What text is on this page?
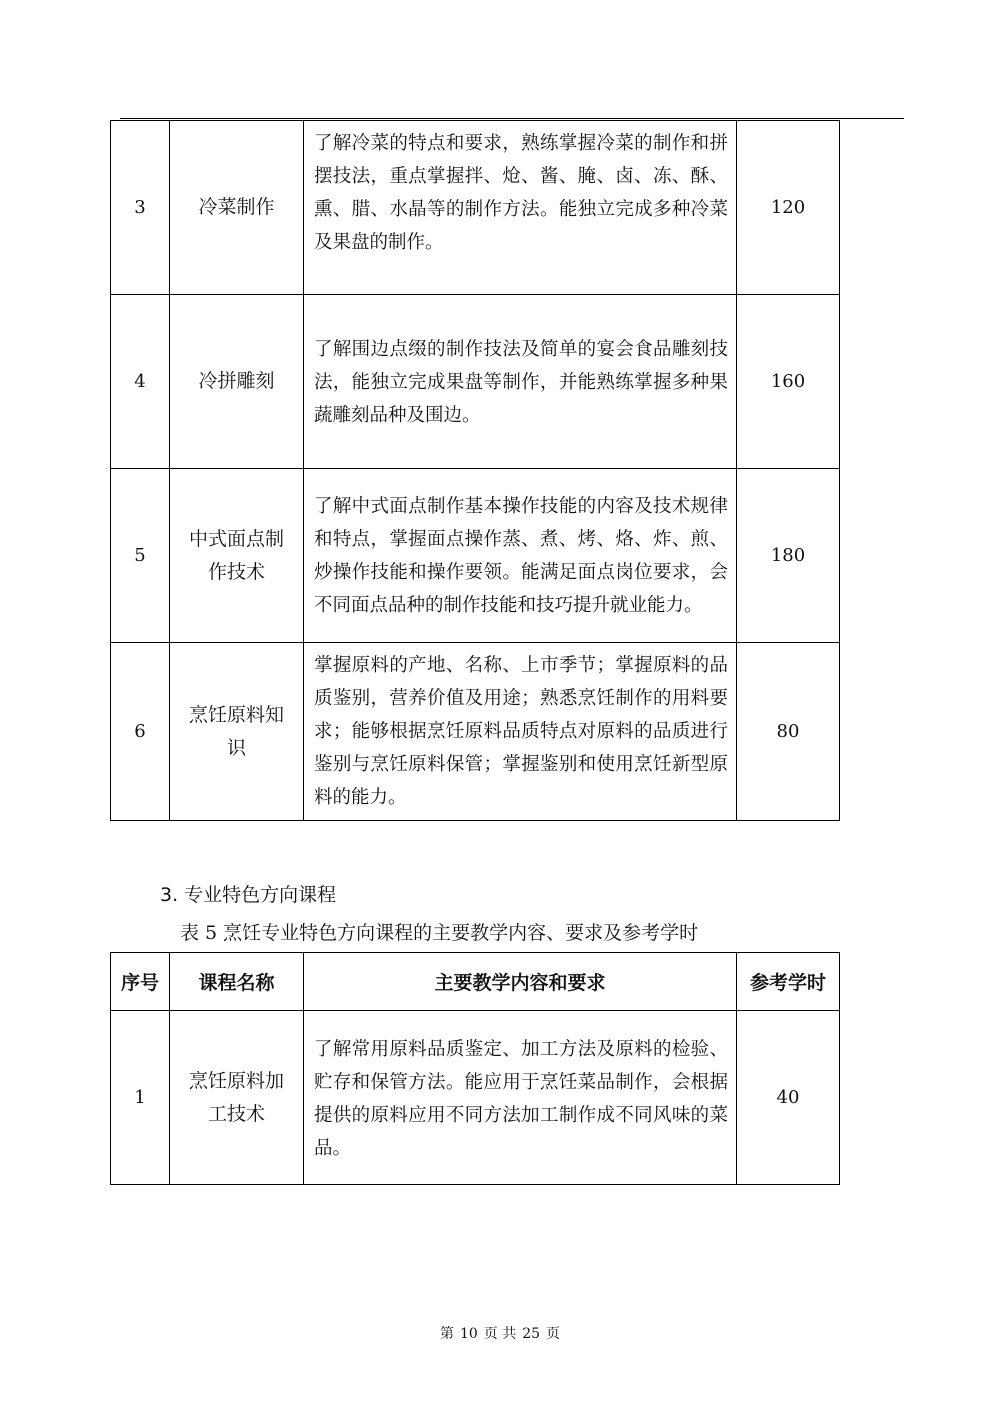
3	冷菜制作	了解冷菜的特点和要求，熟练掌握冷菜的制作和拼摆技法，重点掌握拌、炝、酱、腌、卤、冻、酥、熏、腊、水晶等的制作方法。能独立完成多种冷菜及果盘的制作。	120
4	冷拼雕刻	了解围边点缀的制作技法及简单的宴会食品雕刻技法，能独立完成果盘等制作，并能熟练掌握多种果蔬雕刻品种及围边。	160
5	中式面点制作技术	了解中式面点制作基本操作技能的内容及技术规律和特点，掌握面点操作蒸、煮、烤、烙、炸、煎、炒操作技能和操作要领。能满足面点岗位要求，会不同面点品种的制作技能和技巧提升就业能力。	180
6	烹饪原料知识	掌握原料的产地、名称、上市季节；掌握原料的品质鉴别，营养价值及用途；熟悉烹饪制作的用料要求；能够根据烹饪原料品质特点对原料的品质进行鉴别与烹饪原料保管；掌握鉴别和使用烹饪新型原料的能力。	80
3. 专业特色方向课程
表 5 烹饪专业特色方向课程的主要教学内容、要求及参考学时
序号	课程名称	主要教学内容和要求	参考学时
1	烹饪原料加工技术	了解常用原料品质鉴定、加工方法及原料的检验、贮存和保管方法。能应用于烹饪菜品制作，会根据提供的原料应用不同方法加工制作成不同风味的菜品。	40
第 10 页 共 25 页
